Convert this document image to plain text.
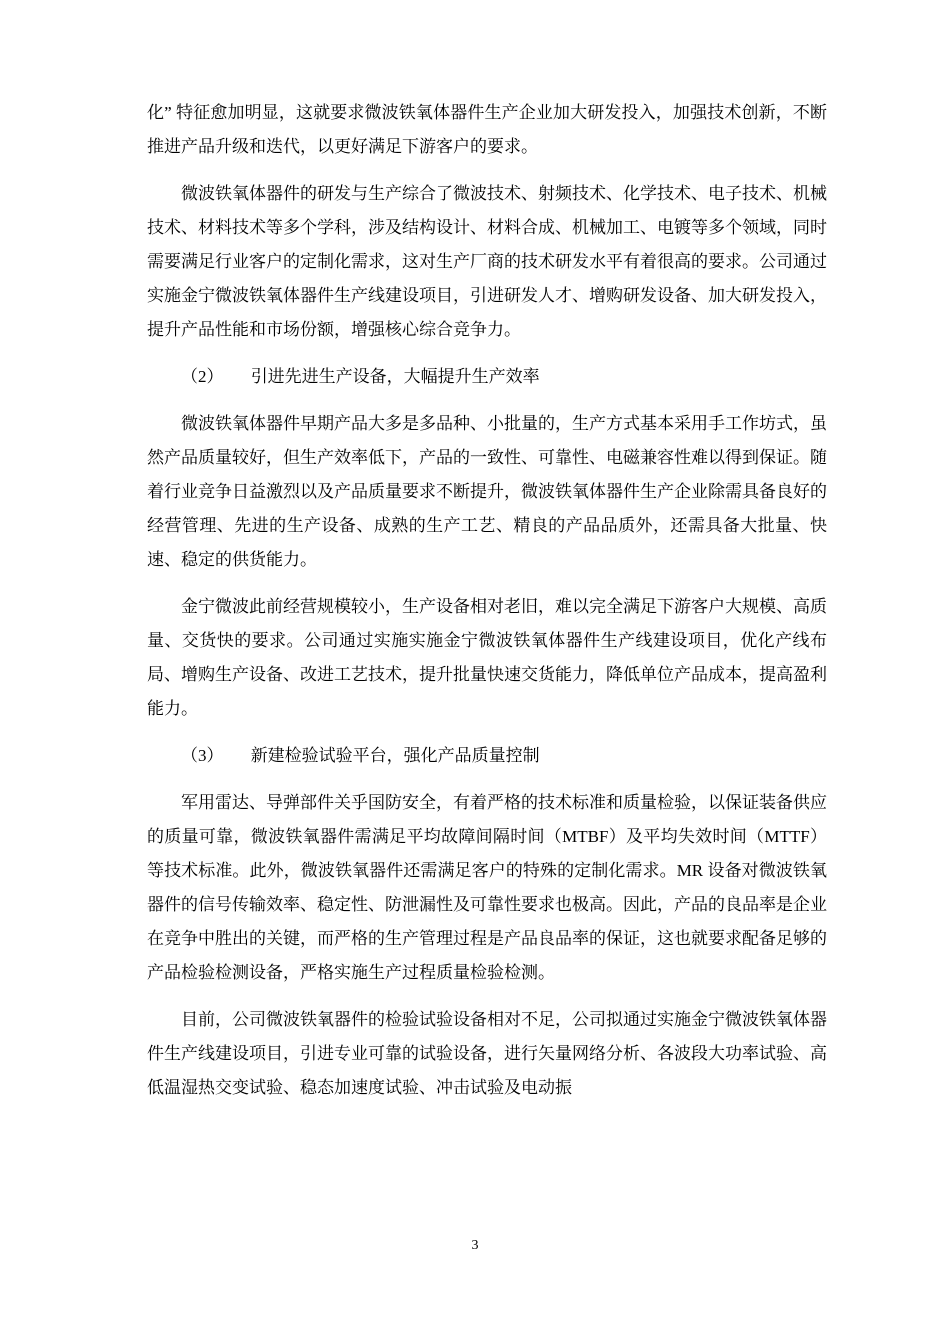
化” 特征愈加明显，这就要求微波铁氧体器件生产企业加大研发投入，加强技术创新，不断推进产品升级和迭代，以更好满足下游客户的要求。

微波铁氧体器件的研发与生产综合了微波技术、射频技术、化学技术、电子技术、机械技术、材料技术等多个学科，涉及结构设计、材料合成、机械加工、电镀等多个领域，同时需要满足行业客户的定制化需求，这对生产厂商的技术研发水平有着很高的要求。公司通过实施金宁微波铁氧体器件生产线建设项目，引进研发人才、增购研发设备、加大研发投入，提升产品性能和市场份额，增强核心综合竞争力。

（2） 引进先进生产设备，大幅提升生产效率

微波铁氧体器件早期产品大多是多品种、小批量的，生产方式基本采用手工作坊式，虽然产品质量较好，但生产效率低下，产品的一致性、可靠性、电磁兼容性难以得到保证。随着行业竞争日益激烈以及产品质量要求不断提升，微波铁氧体器件生产企业除需具备良好的经营管理、先进的生产设备、成熟的生产工艺、精良的产品品质外，还需具备大批量、快速、稳定的供货能力。

金宁微波此前经营规模较小，生产设备相对老旧，难以完全满足下游客户大规模、高质量、交货快的要求。公司通过实施实施金宁微波铁氧体器件生产线建设项目，优化产线布局、增购生产设备、改进工艺技术，提升批量快速交货能力，降低单位产品成本，提高盈利能力。

（3） 新建检验试验平台，强化产品质量控制

军用雷达、导弹部件关乎国防安全，有着严格的技术标准和质量检验，以保证装备供应的质量可靠，微波铁氧器件需满足平均故障间隔时间（MTBF）及平均失效时间（MTTF）等技术标准。此外，微波铁氧器件还需满足客户的特殊的定制化需求。MR 设备对微波铁氧器件的信号传输效率、稳定性、防泄漏性及可靠性要求也极高。因此，产品的良品率是企业在竞争中胜出的关键，而严格的生产管理过程是产品良品率的保证，这也就要求配备足够的产品检验检测设备，严格实施生产过程质量检验检测。

目前，公司微波铁氧器件的检验试验设备相对不足，公司拟通过实施金宁微波铁氧体器件生产线建设项目，引进专业可靠的试验设备，进行矢量网络分析、各波段大功率试验、高低温湿热交变试验、稳态加速度试验、冲击试验及电动振

3
